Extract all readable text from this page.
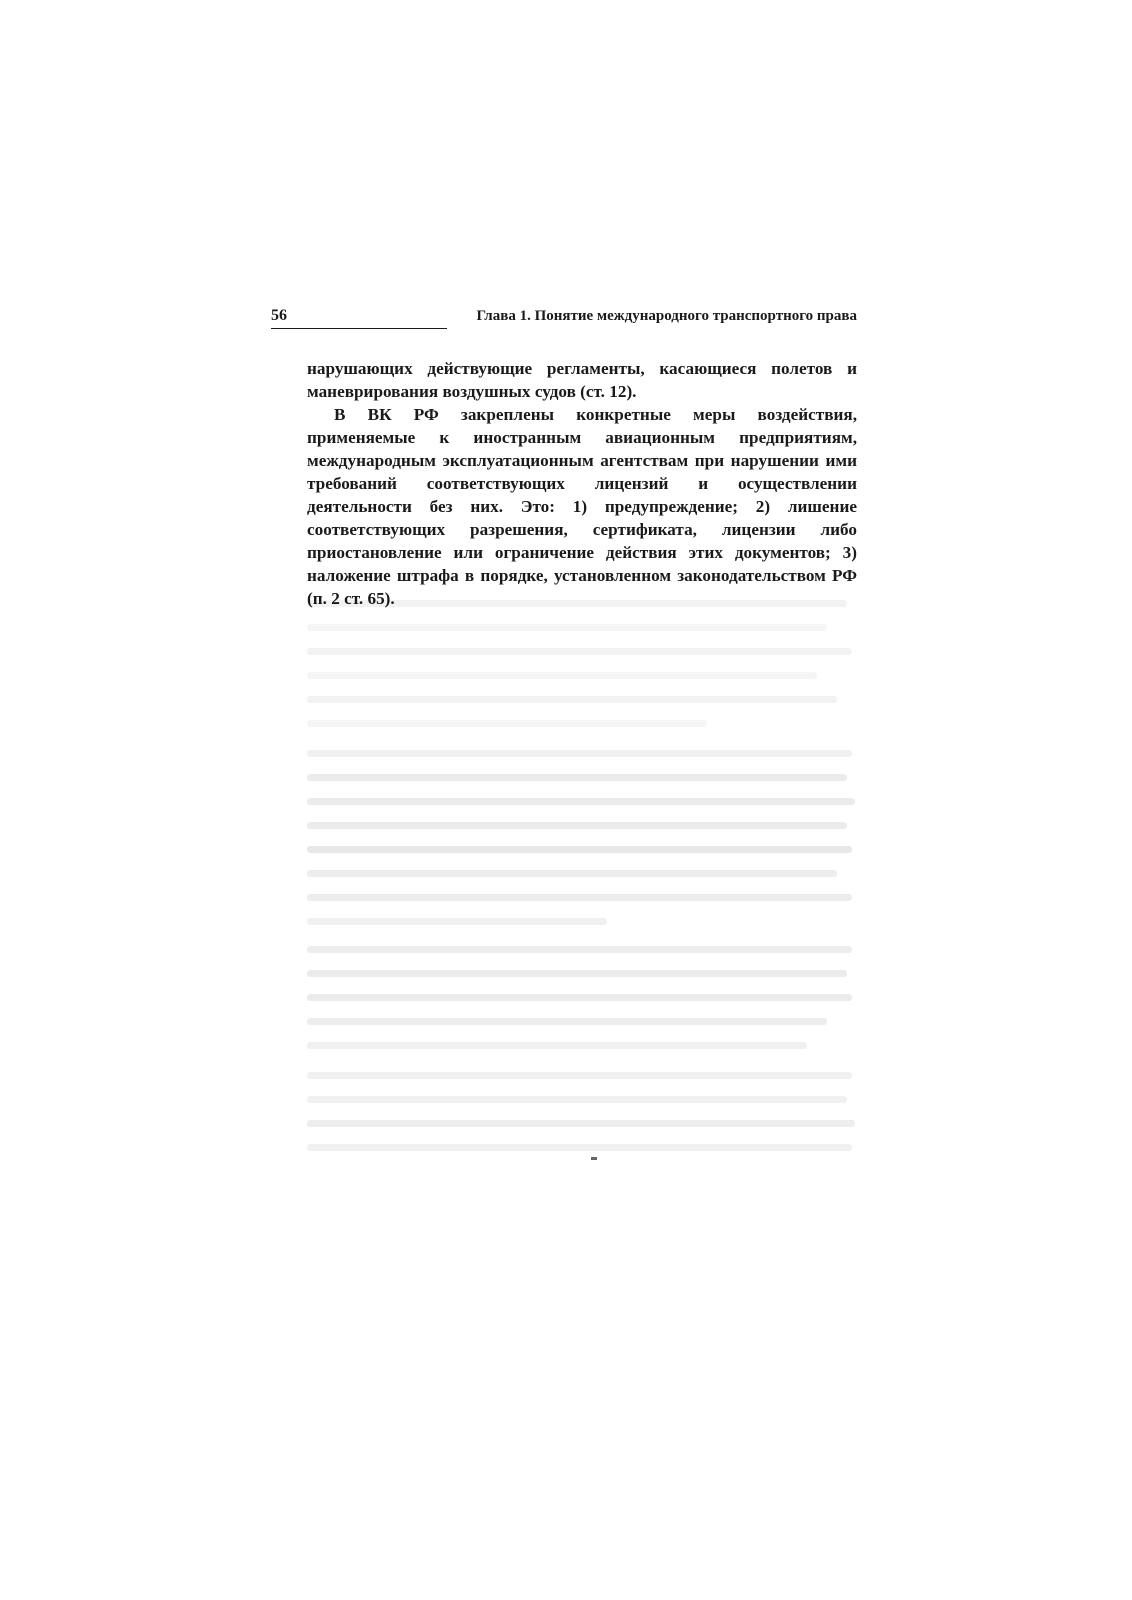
56	Глава 1. Понятие международного транспортного права

нарушающих действующие регламенты, касающиеся полетов и маневрирования воздушных судов (ст. 12).

В ВК РФ закреплены конкретные меры воздействия, применяемые к иностранным авиационным предприятиям, международным эксплуатационным агентствам при нарушении ими требований соответствующих лицензий и осуществлении деятельности без них. Это: 1) предупреждение; 2) лишение соответствующих разрешения, сертификата, лицензии либо приостановление или ограничение действия этих документов; 3) наложение штрафа в порядке, установленном законодательством РФ (п. 2 ст. 65).
